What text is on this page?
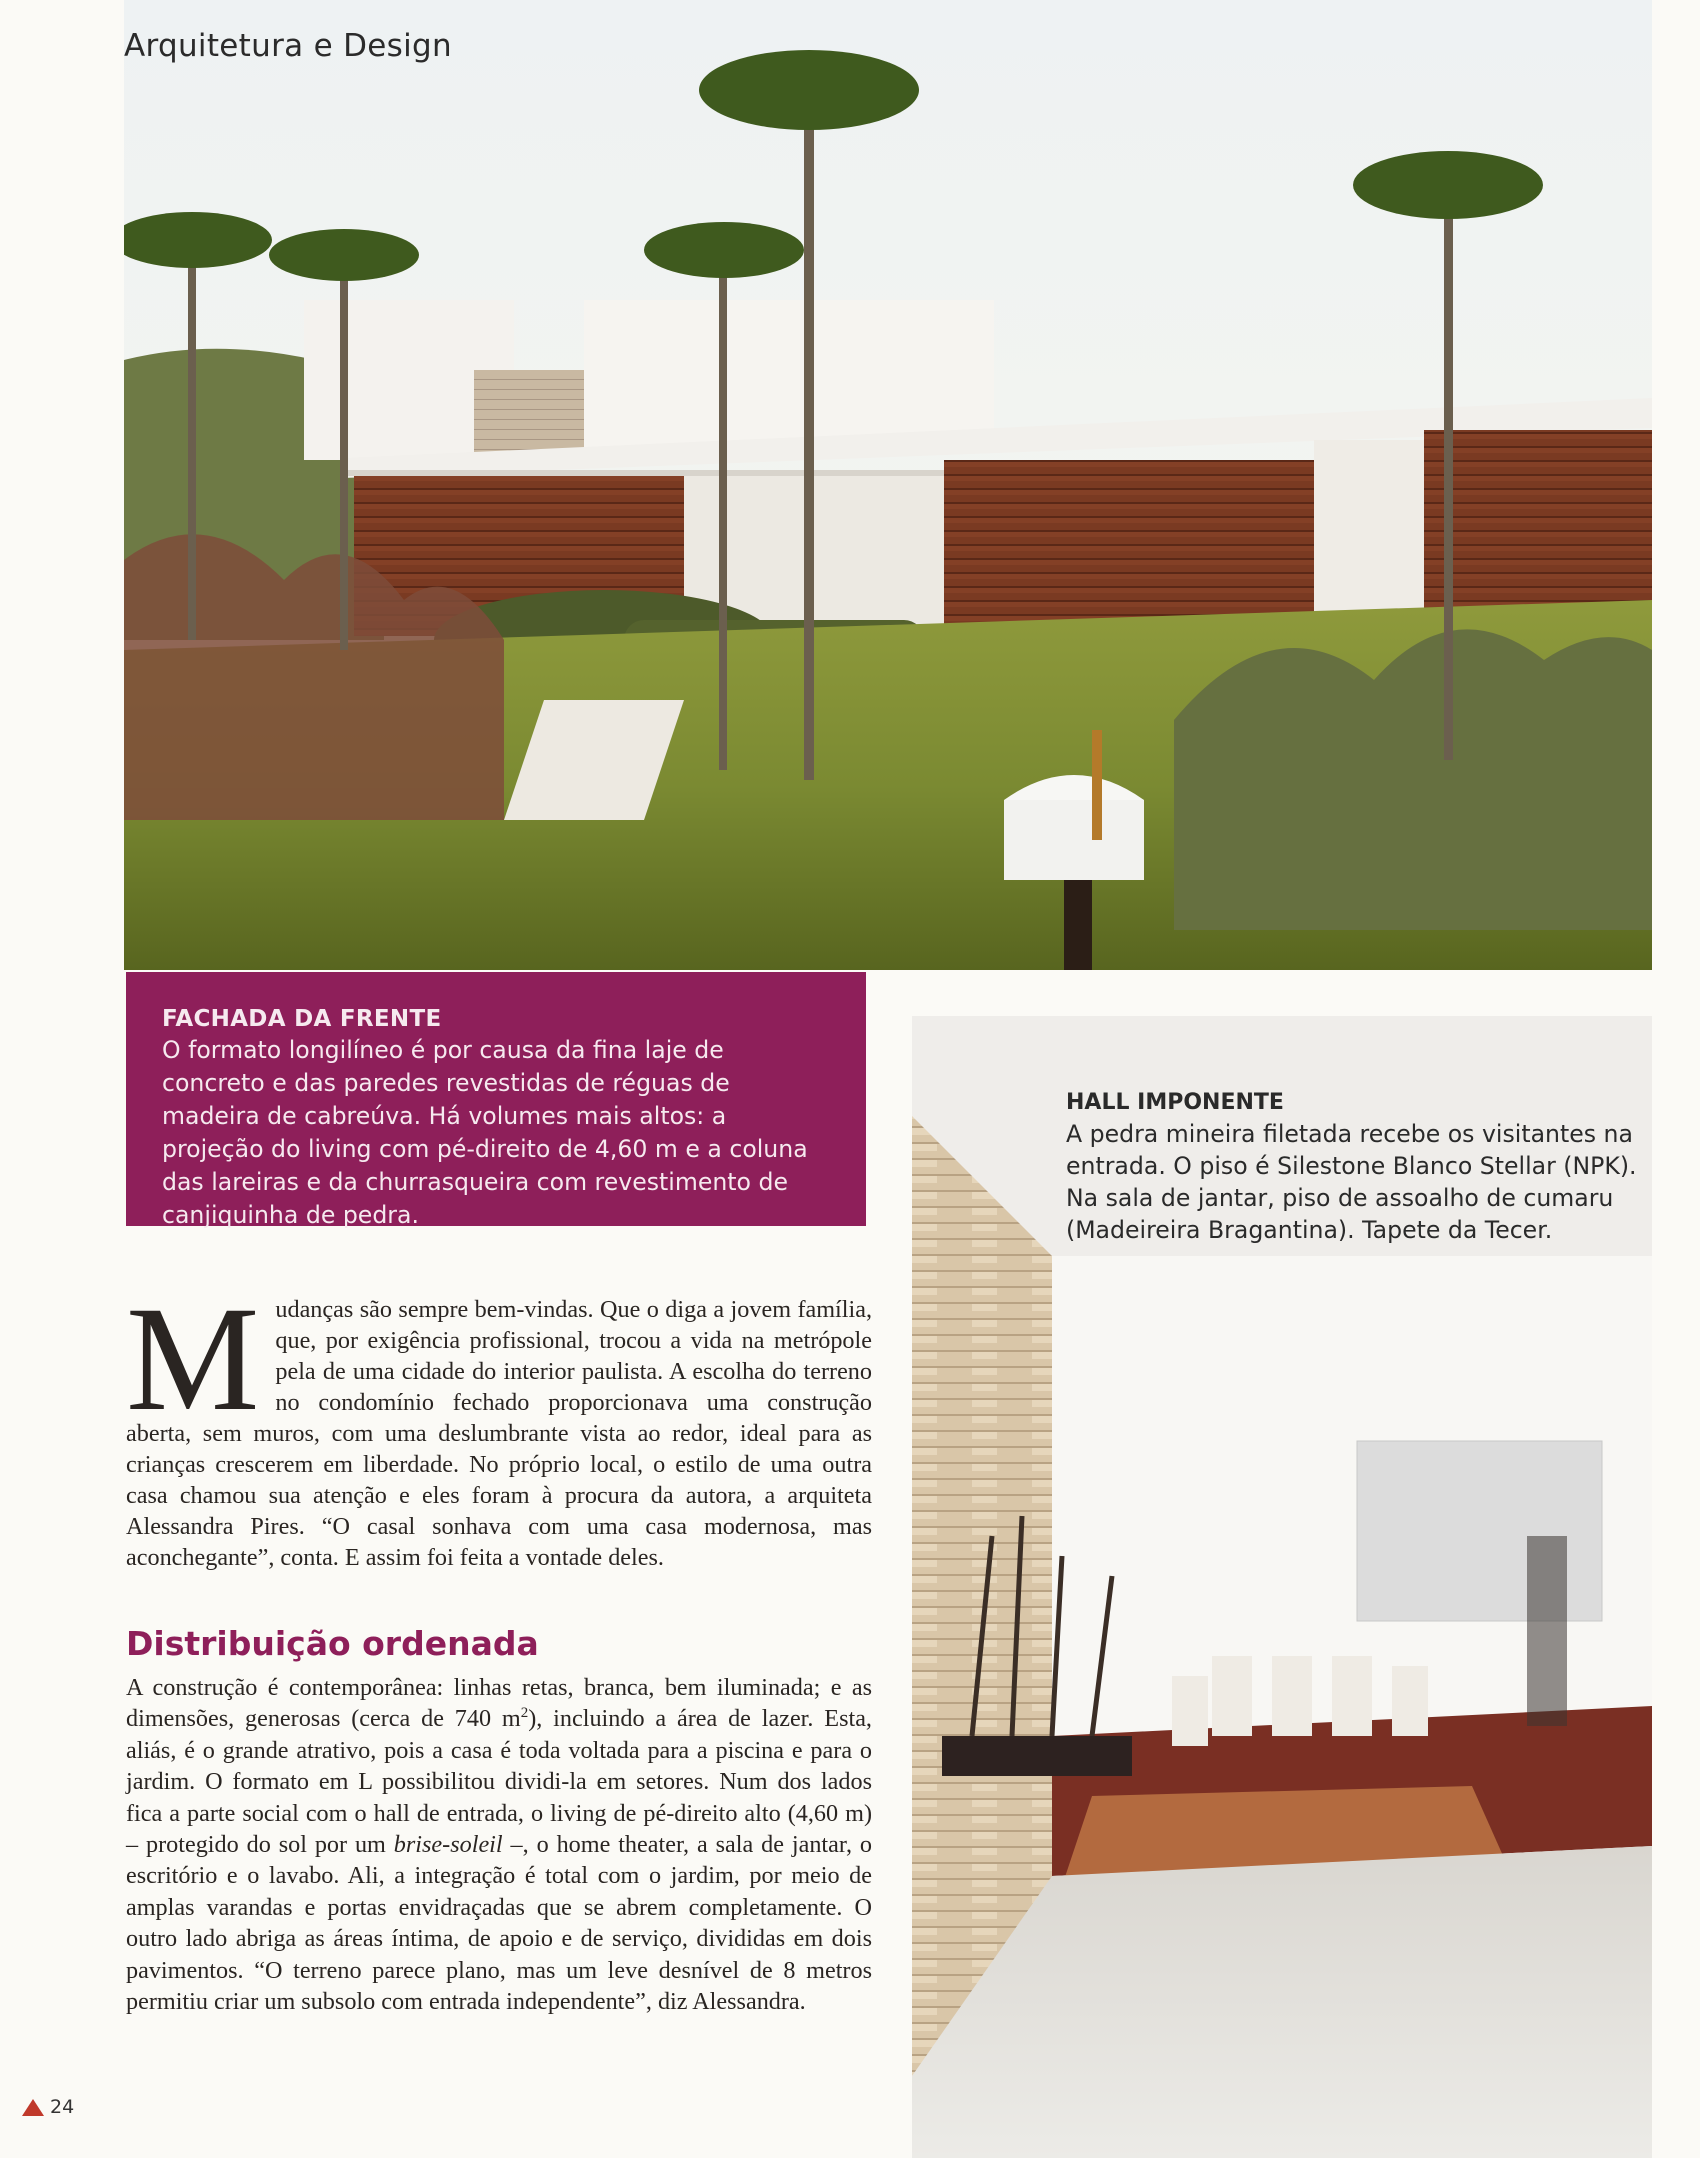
Arquitetura e Design
FACHADA DA FRENTE
O formato longilíneo é por causa da fina laje de concreto e das paredes revestidas de réguas de madeira de cabreúva. Há volumes mais altos: a projeção do living com pé-direito de 4,60 m e a coluna das lareiras e da churrasqueira com revestimento de canjiquinha de pedra.
HALL IMPONENTE
A pedra mineira filetada recebe os visitantes na entrada. O piso é Silestone Blanco Stellar (NPK). Na sala de jantar, piso de assoalho de cumaru (Madeireira Bragantina). Tapete da Tecer.
M udanças são sempre bem-vindas. Que o diga a jovem família, que, por exigência profissional, trocou a vida na metrópole pela de uma cidade do interior paulista. A escolha do terreno no condomínio fechado proporcionava uma construção aberta, sem muros, com uma deslumbrante vista ao redor, ideal para as crianças crescerem em liberdade. No próprio local, o estilo de uma outra casa chamou sua atenção e eles foram à procura da autora, a arquiteta Alessandra Pires. “O casal sonhava com uma casa modernosa, mas aconchegante”, conta. E assim foi feita a vontade deles.
Distribuição ordenada
A construção é contemporânea: linhas retas, branca, bem iluminada; e as dimensões, generosas (cerca de 740 $m^2$), incluindo a área de lazer. Esta, aliás, é o grande atrativo, pois a casa é toda voltada para a piscina e para o jardim. O formato em L possibilitou dividi-la em setores. Num dos lados fica a parte social com o hall de entrada, o living de pé-direito alto (4,60 m) – protegido do sol por um brise-soleil –, o home theater, a sala de jantar, o escritório e o lavabo. Ali, a integração é total com o jardim, por meio de amplas varandas e portas envidraçadas que se abrem completamente. O outro lado abriga as áreas íntima, de apoio e de serviço, divididas em dois pavimentos. “O terreno parece plano, mas um leve desnível de 8 metros permitiu criar um subsolo com entrada independente”, diz Alessandra.
24
